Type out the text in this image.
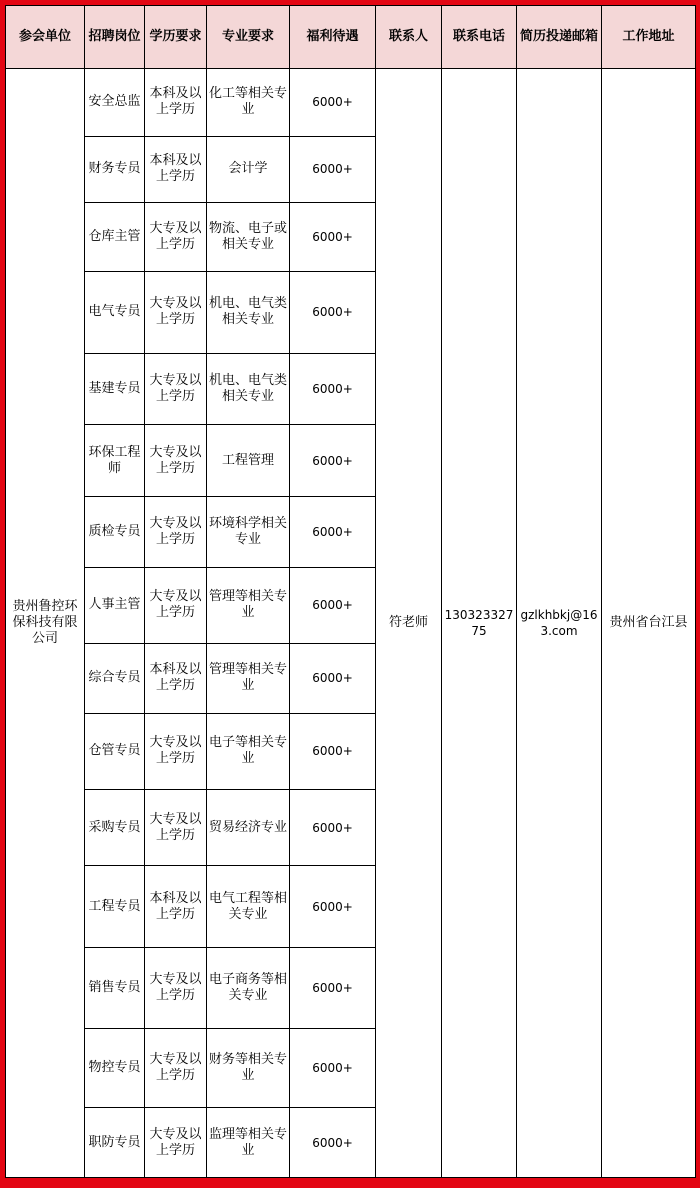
参会单位	招聘岗位	学历要求	专业要求	福利待遇	联系人	联系电话	简历投递邮箱	工作地址
贵州鲁控环保科技有限公司	安全总监	本科及以上学历	化工等相关专业	6000+	符老师	13032332775	gzlkhbkj@163.com	贵州省台江县
	财务专员	本科及以上学历	会计学	6000+				
	仓库主管	大专及以上学历	物流、电子或相关专业	6000+				
	电气专员	大专及以上学历	机电、电气类相关专业	6000+				
	基建专员	大专及以上学历	机电、电气类相关专业	6000+				
	环保工程师	大专及以上学历	工程管理	6000+				
	质检专员	大专及以上学历	环境科学相关专业	6000+				
	人事主管	大专及以上学历	管理等相关专业	6000+				
	综合专员	本科及以上学历	管理等相关专业	6000+				
	仓管专员	大专及以上学历	电子等相关专业	6000+				
	采购专员	大专及以上学历	贸易经济专业	6000+				
	工程专员	本科及以上学历	电气工程等相关专业	6000+				
	销售专员	大专及以上学历	电子商务等相关专业	6000+				
	物控专员	大专及以上学历	财务等相关专业	6000+				
	职防专员	大专及以上学历	监理等相关专业	6000+				
